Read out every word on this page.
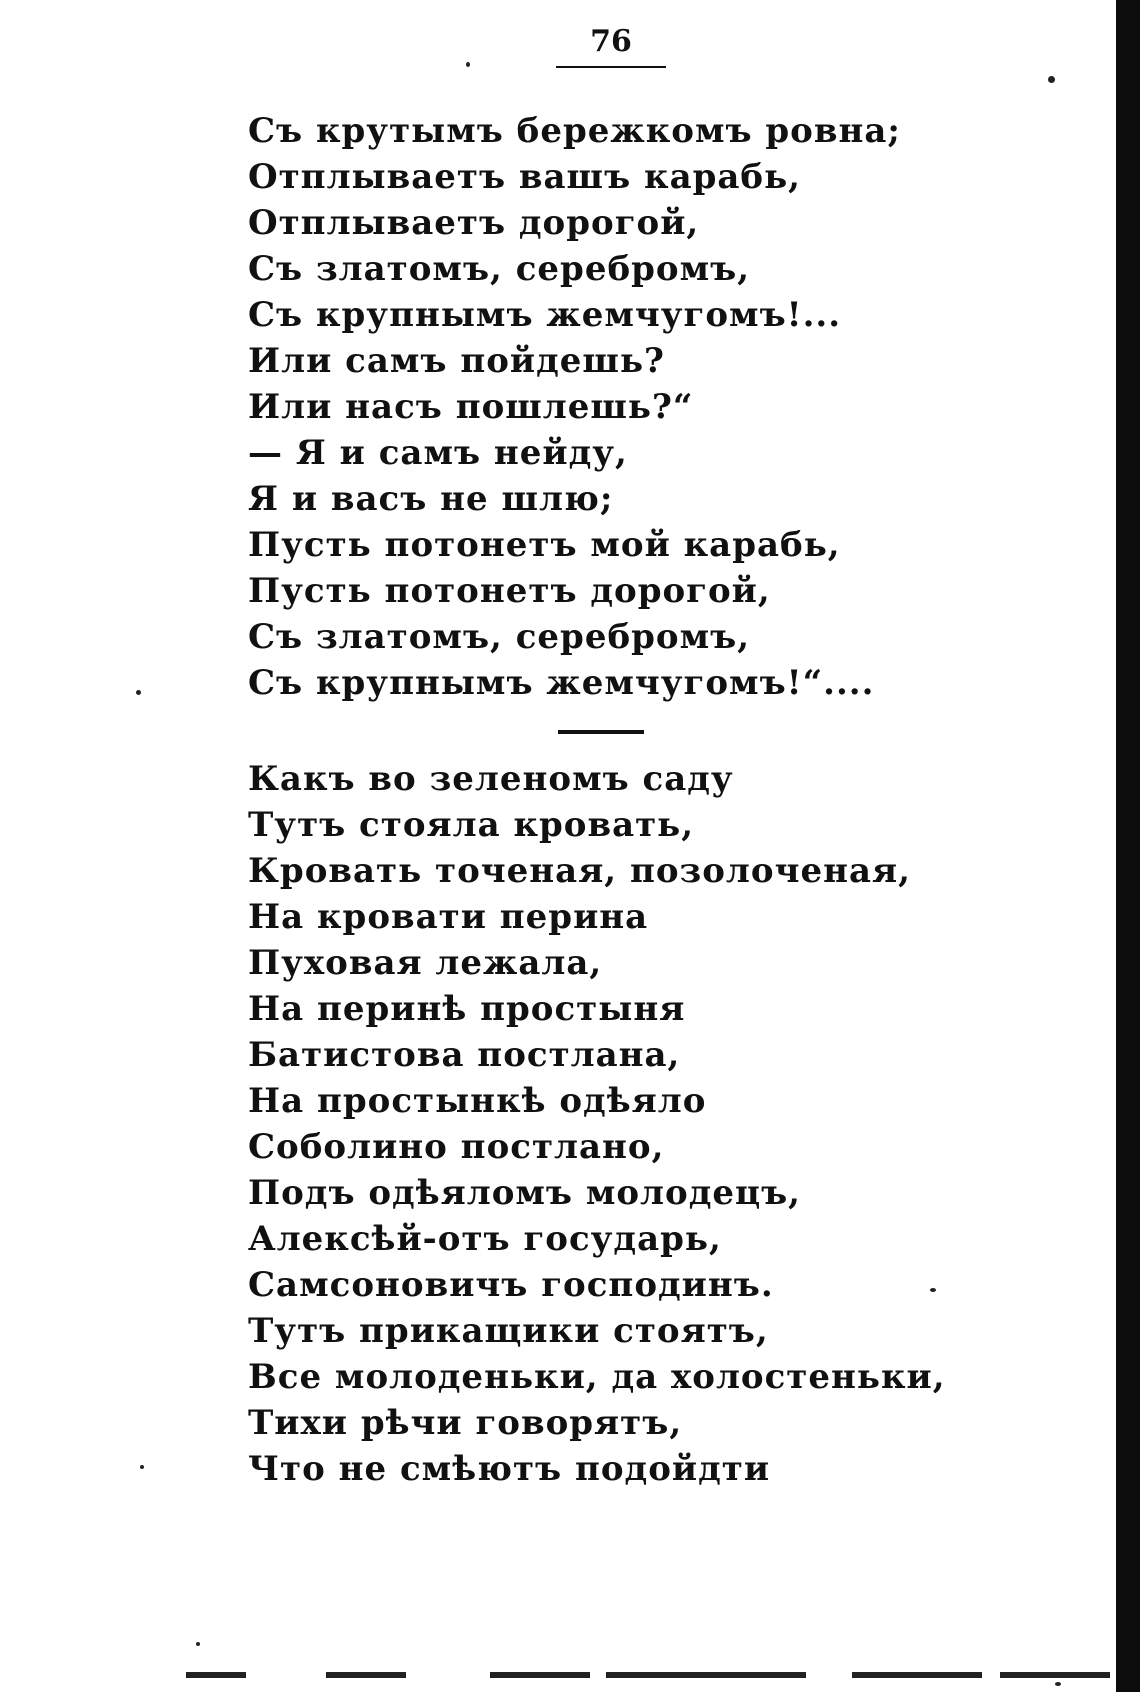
76
Съ крутымъ бережкомъ ровна;
Отплываетъ вашъ карабь,
Отплываетъ дорогой,
Съ златомъ, серебромъ,
Съ крупнымъ жемчугомъ!...
Или самъ пойдешь?
Или насъ пошлешь?“
— Я и самъ нейду,
Я и васъ не шлю;
Пусть потонетъ мой карабь,
Пусть потонетъ дорогой,
Съ златомъ, серебромъ,
Съ крупнымъ жемчугомъ!“....
Какъ во зеленомъ саду
Тутъ стояла кровать,
Кровать точеная, позолоченая,
На кровати перина
Пуховая лежала,
На перинѣ простыня
Батистова постлана,
На простынкѣ одѣяло
Соболино постлано,
Подъ одѣяломъ молодецъ,
Алексѣй-отъ государь,
Самсоновичъ господинъ.
Тутъ прикащики стоятъ,
Все молоденьки, да холостеньки,
Тихи рѣчи говорятъ,
Что не смѣютъ подойдти
